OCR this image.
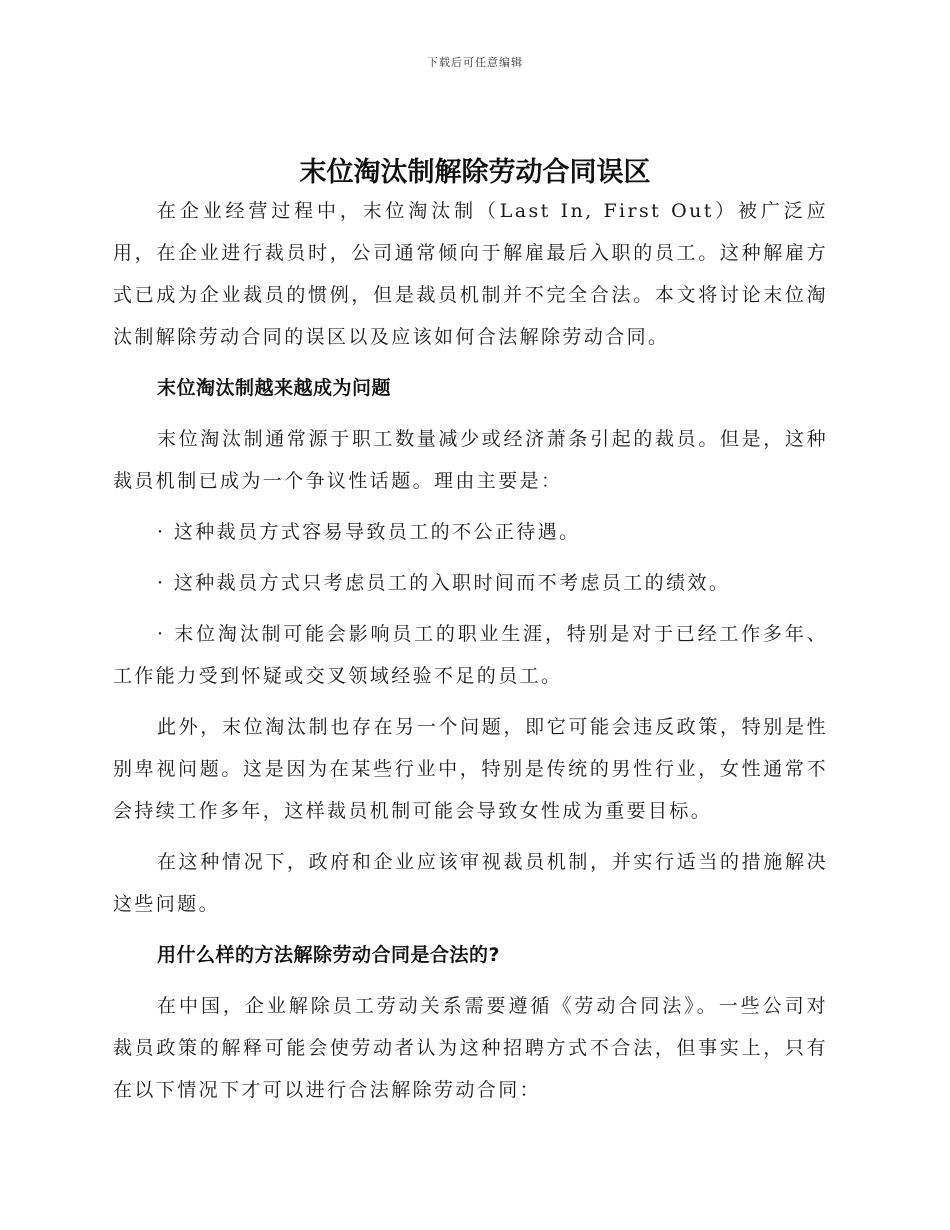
下载后可任意编辑
末位淘汰制解除劳动合同误区

在企业经营过程中，末位淘汰制（Last In, First Out）被广泛应用，在企业进行裁员时，公司通常倾向于解雇最后入职的员工。这种解雇方式已成为企业裁员的惯例，但是裁员机制并不完全合法。本文将讨论末位淘汰制解除劳动合同的误区以及应该如何合法解除劳动合同。

末位淘汰制越来越成为问题

末位淘汰制通常源于职工数量减少或经济萧条引起的裁员。但是，这种裁员机制已成为一个争议性话题。理由主要是：

· 这种裁员方式容易导致员工的不公正待遇。

· 这种裁员方式只考虑员工的入职时间而不考虑员工的绩效。

· 末位淘汰制可能会影响员工的职业生涯，特别是对于已经工作多年、工作能力受到怀疑或交叉领域经验不足的员工。

此外，末位淘汰制也存在另一个问题，即它可能会违反政策，特别是性别卑视问题。这是因为在某些行业中，特别是传统的男性行业，女性通常不会持续工作多年，这样裁员机制可能会导致女性成为重要目标。

在这种情况下，政府和企业应该审视裁员机制，并实行适当的措施解决这些问题。

用什么样的方法解除劳动合同是合法的?

在中国，企业解除员工劳动关系需要遵循《劳动合同法》。一些公司对裁员政策的解释可能会使劳动者认为这种招聘方式不合法，但事实上，只有在以下情况下才可以进行合法解除劳动合同：
